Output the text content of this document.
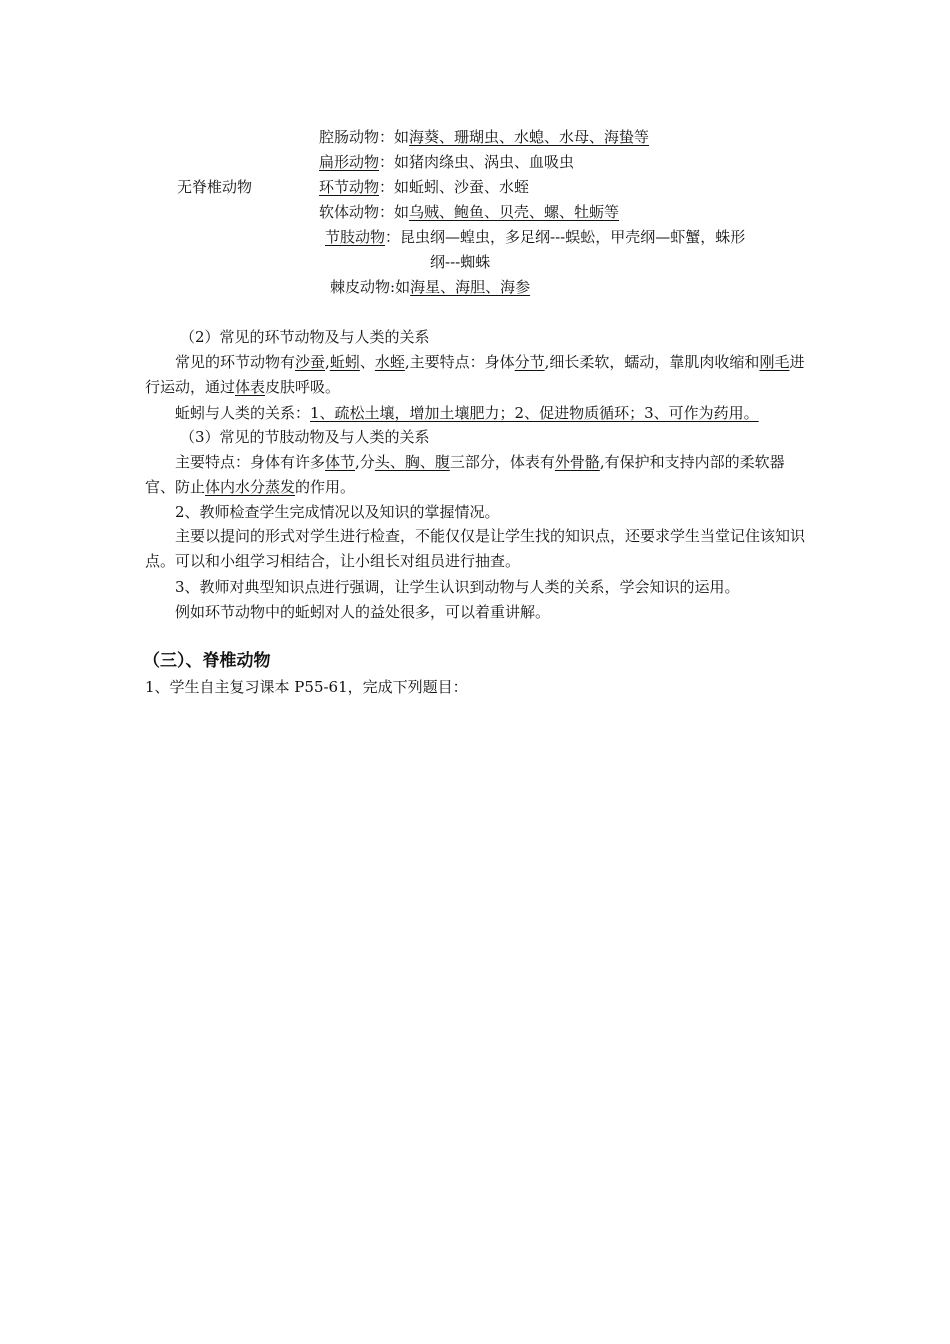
无脊椎动物
腔肠动物：如海葵、珊瑚虫、水螅、水母、海蛰等
扁形动物：如猪肉绦虫、涡虫、血吸虫
环节动物：如蚯蚓、沙蚕、水蛭
软体动物：如乌贼、鲍鱼、贝壳、螺、牡蛎等
节肢动物：昆虫纲—蝗虫，多足纲---蜈蚣，甲壳纲—虾蟹，蛛形
纲---蜘蛛
棘皮动物:如海星、海胆、海参
（2）常见的环节动物及与人类的关系
常见的环节动物有沙蚕,蚯蚓、水蛭,主要特点：身体分节,细长柔软，蠕动，靠肌肉收缩和刚毛进行运动，通过体表皮肤呼吸。
蚯蚓与人类的关系：1、疏松土壤，增加土壤肥力；2、促进物质循环；3、可作为药用。
（3）常见的节肢动物及与人类的关系
主要特点：身体有许多体节,分头、胸、腹三部分，体表有外骨骼,有保护和支持内部的柔软器官、防止体内水分蒸发的作用。
2、教师检查学生完成情况以及知识的掌握情况。
主要以提问的形式对学生进行检查，不能仅仅是让学生找的知识点，还要求学生当堂记住该知识点。可以和小组学习相结合，让小组长对组员进行抽查。
3、教师对典型知识点进行强调，让学生认识到动物与人类的关系，学会知识的运用。
例如环节动物中的蚯蚓对人的益处很多，可以着重讲解。
（三）、脊椎动物
1、学生自主复习课本 P55-61，完成下列题目：
